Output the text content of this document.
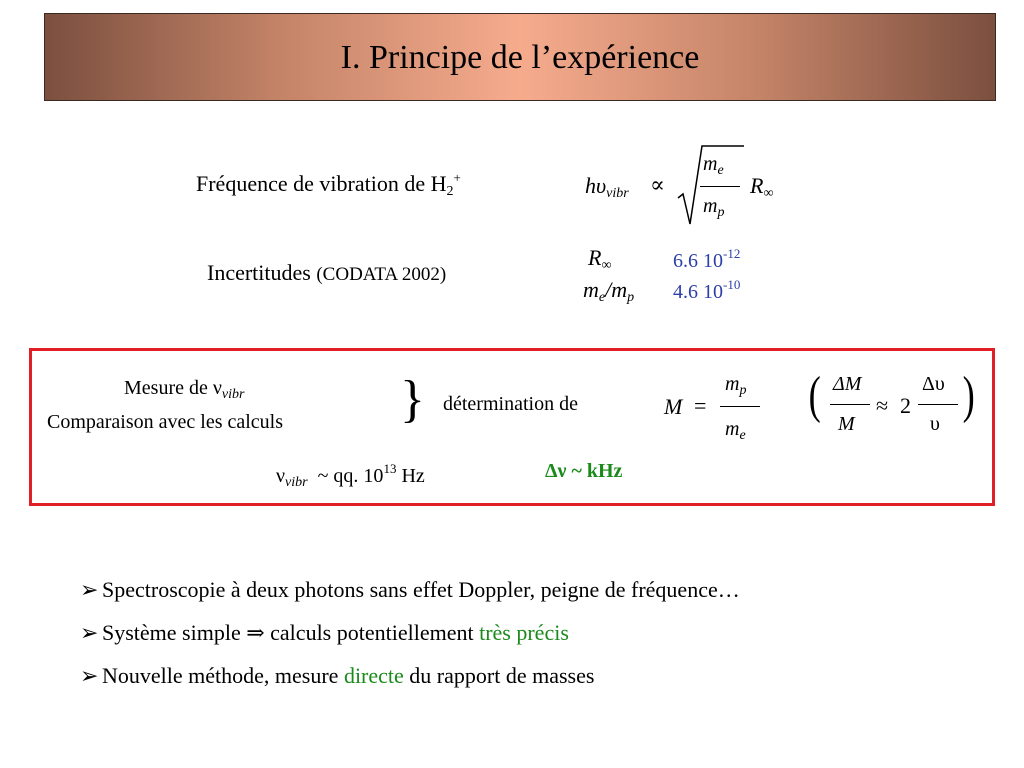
I. Principe de l’expérience
Fréquence de vibration de $H_2^+$	$h\upsilon_{vibr}$ ∝
$m_e$
$m_p$
$R_\infty$
Incertitudes (CODATA 2002)
$R_\infty$	6.6 $10^{-12}$
$m_e/m_p$ 4.6 $10^{-10}$
Mesure de $\nu_{vibr}$
Comparaison avec les calculs } détermination de	M =
$m_p$
$m_e$
( ΔM
M
≈ 2
Δυ
υ )
$\nu_{vibr}$ ~ qq. $10^{13}$ Hz	Δν ~ kHz
➢ Spectroscopie à deux photons sans effet Doppler, peigne de fréquence…
➢ Système simple ⇒ calculs potentiellement très précis
➢ Nouvelle méthode, mesure directe du rapport de masses
